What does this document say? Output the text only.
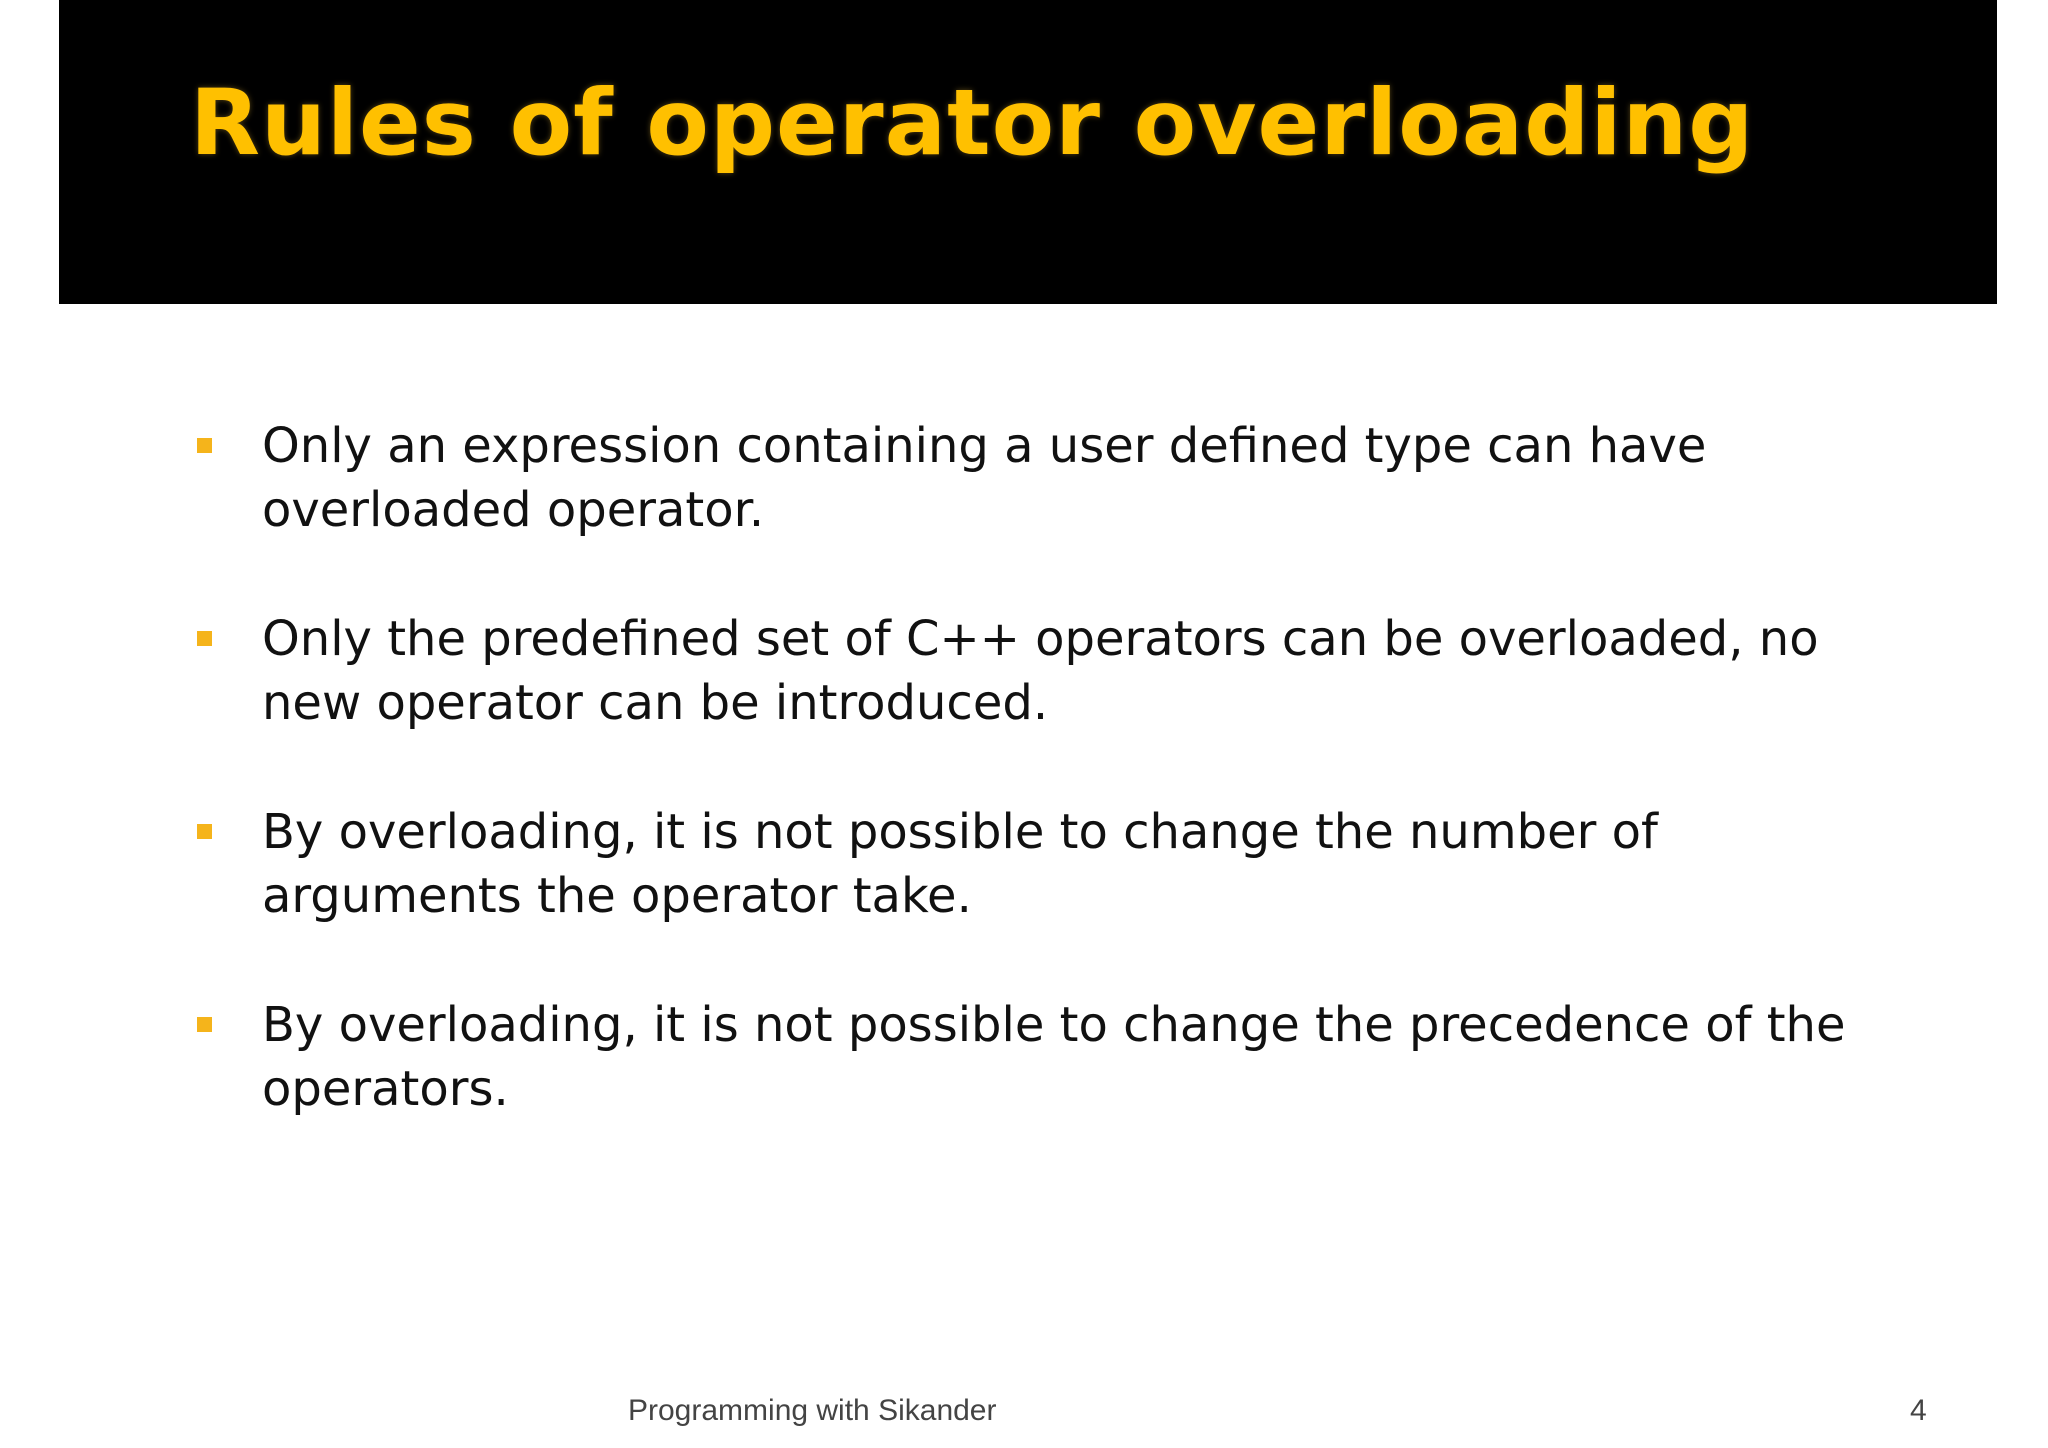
Rules of operator overloading
Only an expression containing a user defined type can have overloaded operator.
Only the predefined set of C++ operators can be overloaded, no new operator can be introduced.
By overloading, it is not possible to change the number of arguments the operator take.
By overloading, it is not possible to change the precedence of the operators.
Programming with Sikander	4
